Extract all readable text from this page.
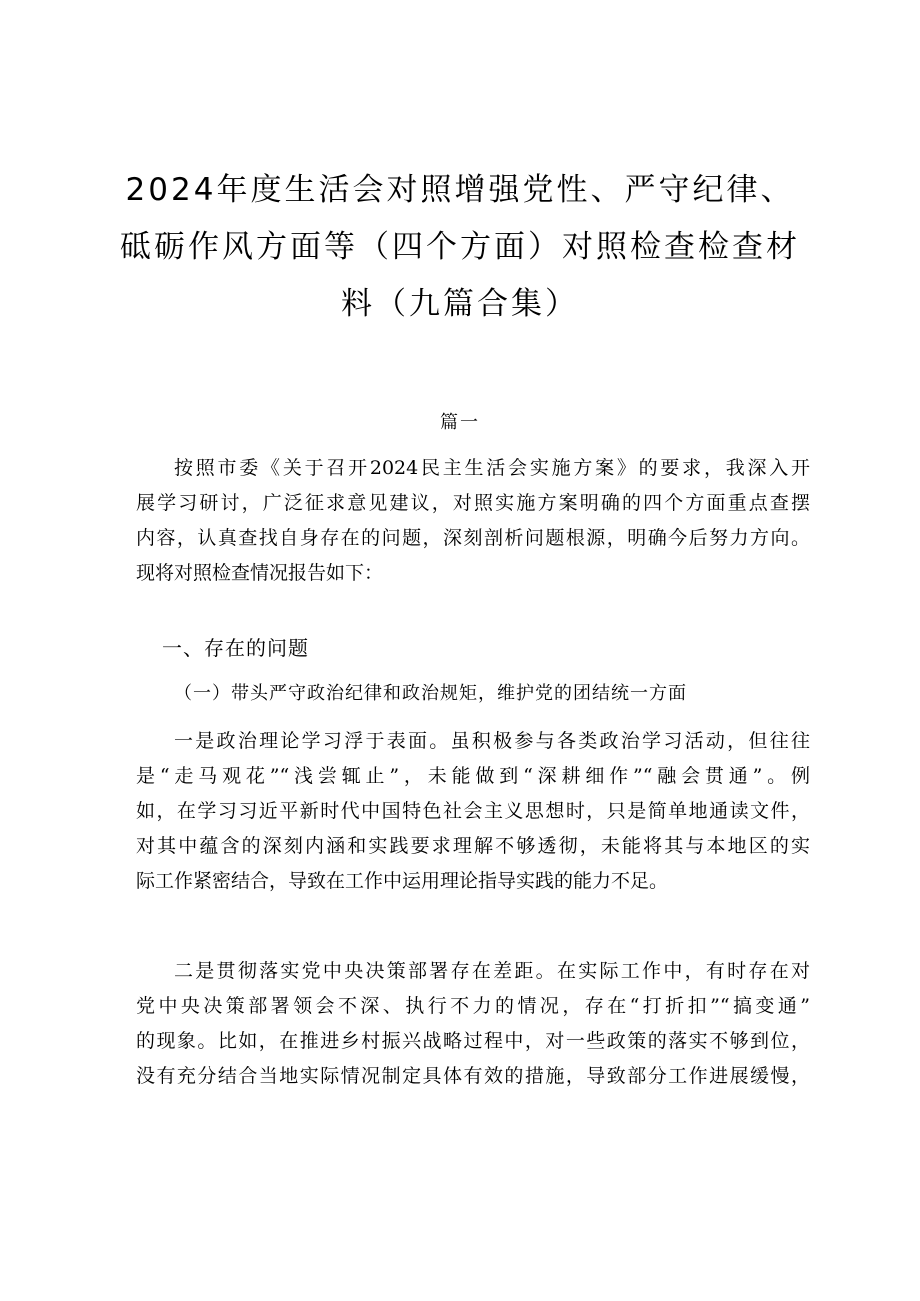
2024年度生活会对照增强党性、严守纪律、
砥砺作风方面等（四个方面）对照检查检查材
料（九篇合集）
篇一

按照市委《关于召开2024民主生活会实施方案》的要求，我深入开
展学习研讨，广泛征求意见建议，对照实施方案明确的四个方面重点查摆
内容，认真查找自身存在的问题，深刻剖析问题根源，明确今后努力方向。
现将对照检查情况报告如下：

一、存在的问题
（一）带头严守政治纪律和政治规矩，维护党的团结统一方面

一是政治理论学习浮于表面。虽积极参与各类政治学习活动，但往往
是“走马观花”“浅尝辄止”，未能做到“深耕细作”“融会贯通”。例
如，在学习习近平新时代中国特色社会主义思想时，只是简单地通读文件，
对其中蕴含的深刻内涵和实践要求理解不够透彻，未能将其与本地区的实
际工作紧密结合，导致在工作中运用理论指导实践的能力不足。

二是贯彻落实党中央决策部署存在差距。在实际工作中，有时存在对
党中央决策部署领会不深、执行不力的情况，存在“打折扣”“搞变通”
的现象。比如，在推进乡村振兴战略过程中，对一些政策的落实不够到位，
没有充分结合当地实际情况制定具体有效的措施，导致部分工作进展缓慢，
